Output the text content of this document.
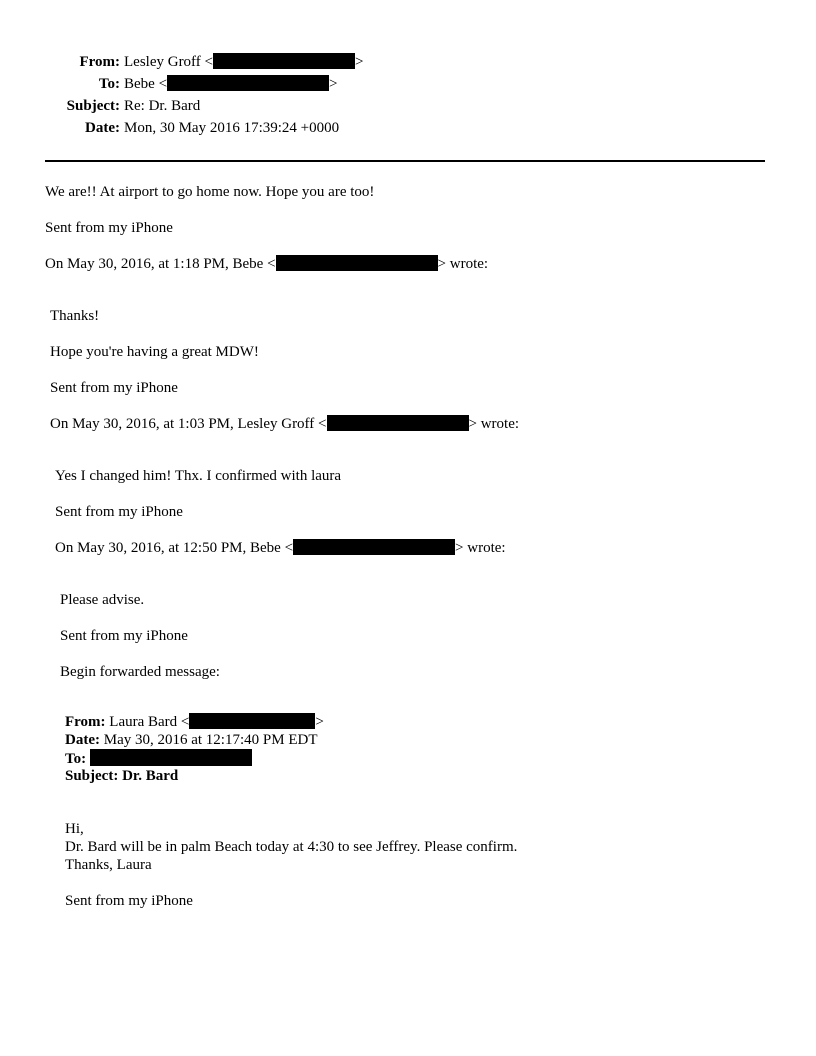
From: Lesley Groff <	>
To: Bebe <	>
Subject: Re: Dr. Bard
Date: Mon, 30 May 2016 17:39:24 +0000
We are!! At airport to go home now. Hope you are too!
Sent from my iPhone
On May 30, 2016, at 1:18 PM, Bebe <	> wrote:
Thanks!
Hope you're having a great MDW!
Sent from my iPhone
On May 30, 2016, at 1:03 PM, Lesley Groff <	> wrote:
Yes I changed him! Thx. I confirmed with laura
Sent from my iPhone
On May 30, 2016, at 12:50 PM, Bebe <	> wrote:
Please advise.
Sent from my iPhone
Begin forwarded message:
From: Laura Bard <	>
Date: May 30, 2016 at 12:17:40 PM EDT
To:
Subject: Dr. Bard
Hi,
Dr. Bard will be in palm Beach today at 4:30 to see Jeffrey. Please confirm.
Thanks, Laura
Sent from my iPhone
